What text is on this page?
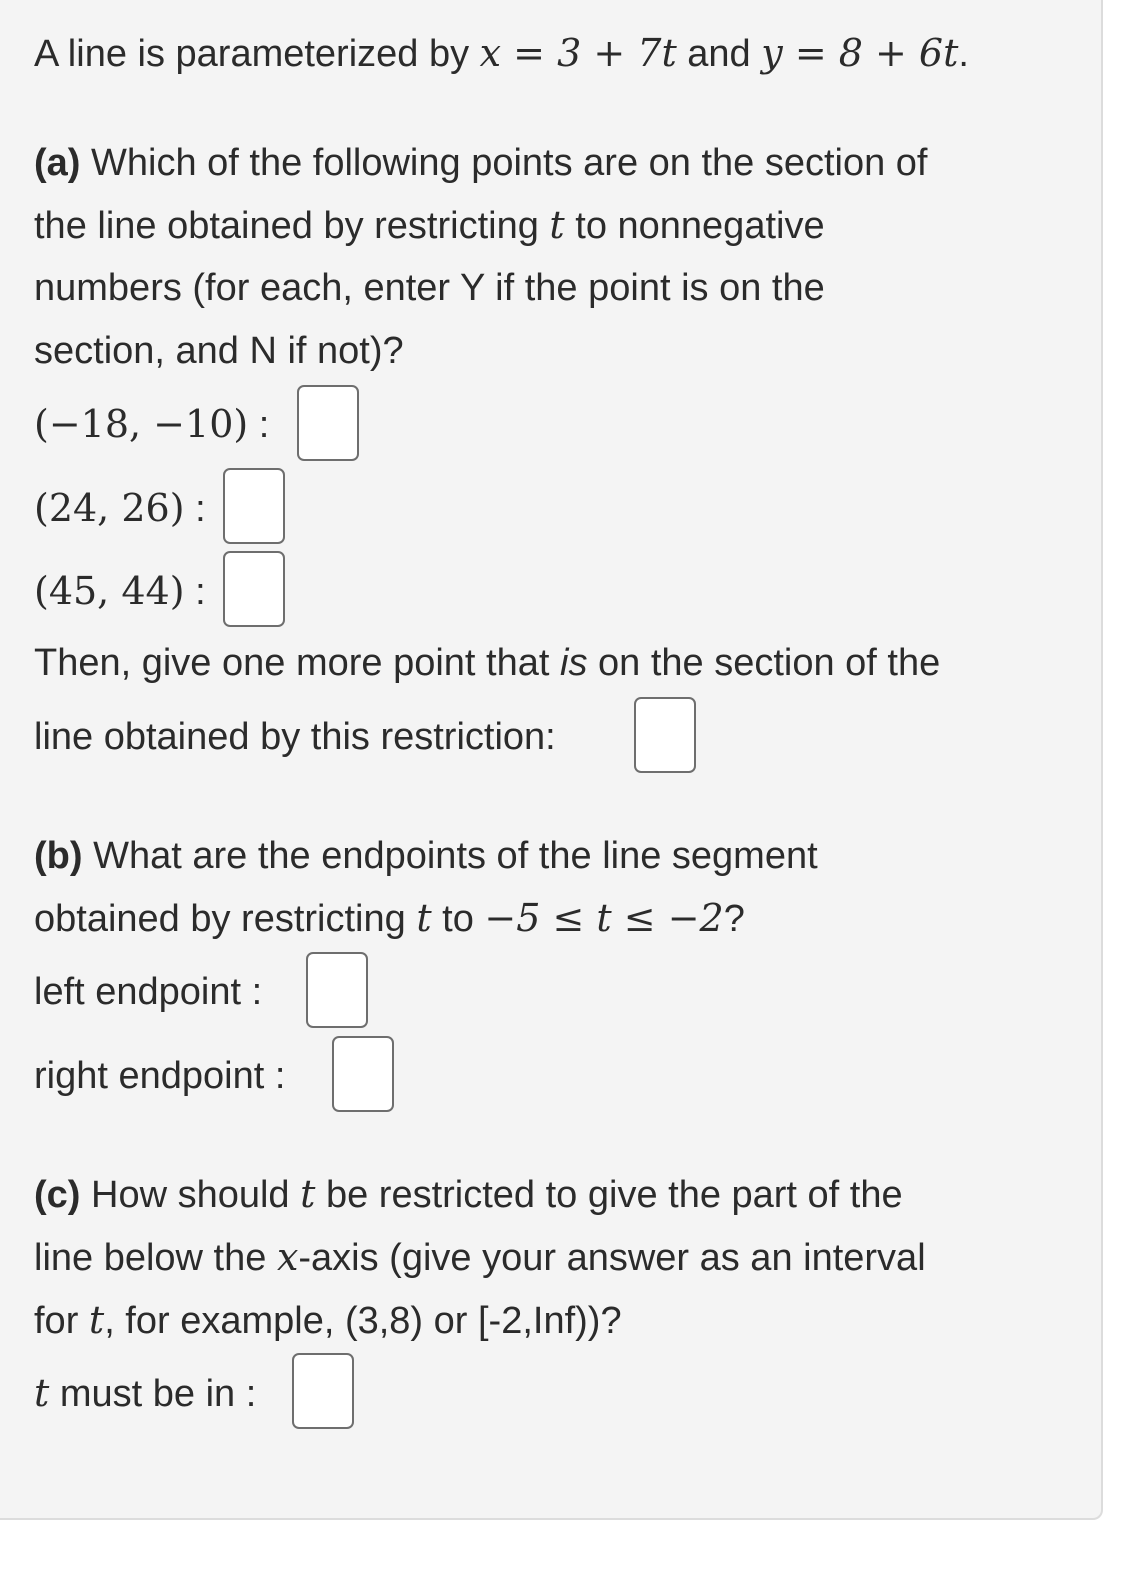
A line is parameterized by x = 3 + 7t and y = 8 + 6t.
(a) Which of the following points are on the section of
the line obtained by restricting t to nonnegative
numbers (for each, enter Y if the point is on the
section, and N if not)?
(−18, −10) :
(24, 26) :
(45, 44) :
Then, give one more point that is on the section of the
line obtained by this restriction:
(b) What are the endpoints of the line segment
obtained by restricting t to −5 ≤ t ≤ −2?
left endpoint :
right endpoint :
(c) How should t be restricted to give the part of the
line below the x-axis (give your answer as an interval
for t, for example, (3,8) or [-2,Inf))?
t must be in :
